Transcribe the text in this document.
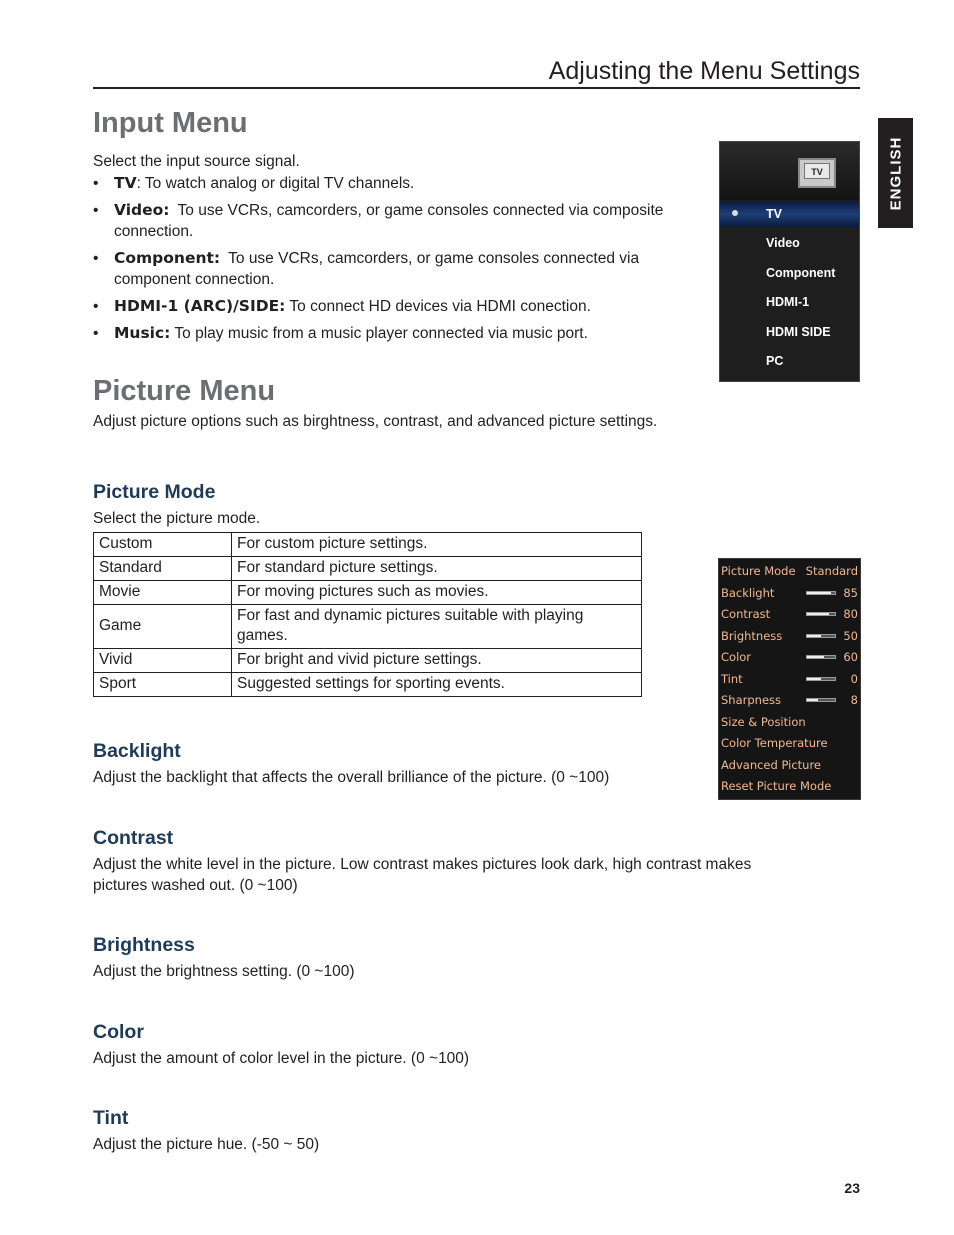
Adjusting the Menu Settings
ENGLISH
Input Menu

Select the input source signal.

• TV: To watch analog or digital TV channels.
• Video: To use VCRs, camcorders, or game consoles connected via composite connection.
• Component: To use VCRs, camcorders, or game consoles connected via component connection.
• HDMI-1 (ARC)/SIDE: To connect HD devices via HDMI conection.
• Music: To play music from a music player connected via music port.
TV
TV
Video
Component
HDMI-1
HDMI SIDE
PC
Picture Menu

Adjust picture options such as birghtness, contrast, and advanced picture settings.

Picture Mode

Select the picture mode.

Custom	For custom picture settings.
Standard	For standard picture settings.
Movie	For moving pictures such as movies.
Game	For fast and dynamic pictures suitable with playing games.
Vivid	For bright and vivid picture settings.
Sport	Suggested settings for sporting events.
Picture Mode Standard
Backlight	85
Contrast	80
Brightness	50
Color	60
Tint	0
Sharpness	8
Size & Position
Color Temperature
Advanced Picture
Reset Picture Mode
Backlight

Adjust the backlight that affects the overall brilliance of the picture. (0 ~100)

Contrast

Adjust the white level in the picture. Low contrast makes pictures look dark, high contrast makes pictures washed out. (0 ~100)

Brightness

Adjust the brightness setting. (0 ~100)

Color

Adjust the amount of color level in the picture. (0 ~100)

Tint

Adjust the picture hue. (-50 ~ 50)

23
